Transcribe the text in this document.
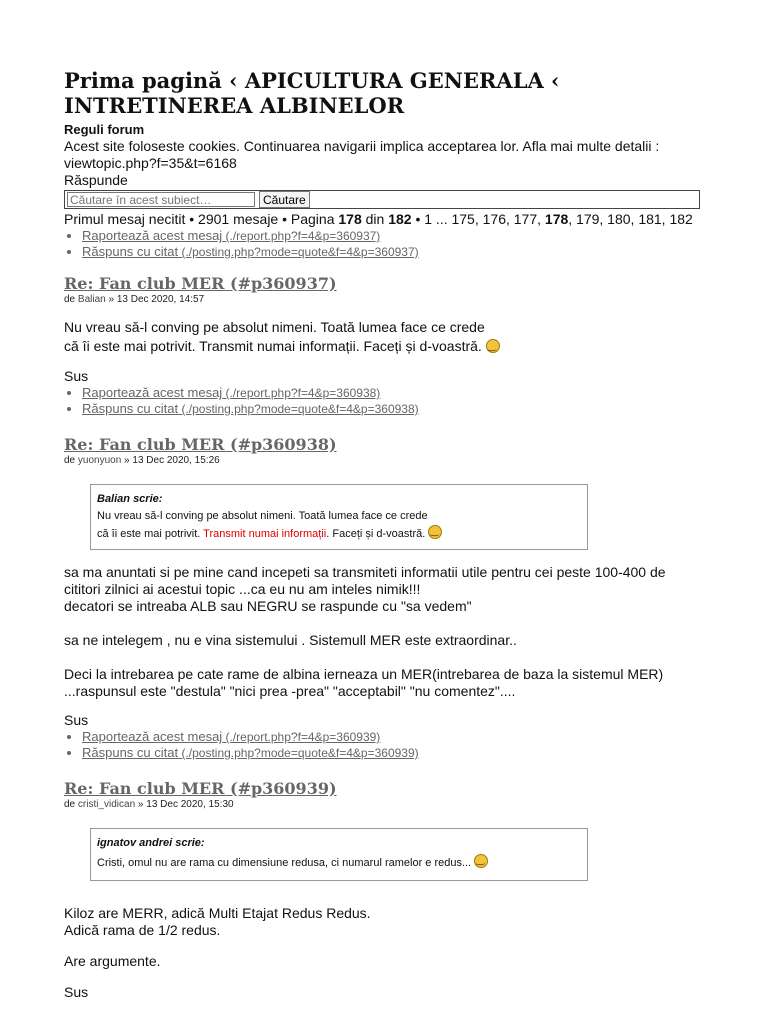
Prima pagină ‹ APICULTURA GENERALA ‹ INTRETINEREA ALBINELOR
Reguli forum
Acest site foloseste cookies. Continuarea navigarii implica acceptarea lor. Afla mai multe detalii :
viewtopic.php?f=35&t=6168
Răspunde
Căutare în acest subiect…
Căutare
Primul mesaj necitit • 2901 mesaje • Pagina 178 din 182 • 1 ... 175, 176, 177, 178, 179, 180, 181, 182
• Raportează acest mesaj (./report.php?f=4&p=360937)
• Răspuns cu citat (./posting.php?mode=quote&f=4&p=360937)
Re: Fan club MER (#p360937)
de Balian » 13 Dec 2020, 14:57

Nu vreau să-l conving pe absolut nimeni. Toată lumea face ce crede

că îi este mai potrivit. Transmit numai informații. Faceți și d-voastră. ‿

Sus
• Raportează acest mesaj (./report.php?f=4&p=360938)
• Răspuns cu citat (./posting.php?mode=quote&f=4&p=360938)
Re: Fan club MER (#p360938)
de yuonyuon » 13 Dec 2020, 15:26
Balian scrie:
Nu vreau să-l conving pe absolut nimeni. Toată lumea face ce crede
că îi este mai potrivit. Transmit numai informații. Faceți și d-voastră. ‿

sa ma anuntati si pe mine cand incepeti sa transmiteti informatii utile pentru cei peste 100-400 de cititori zilnici ai acestui topic ...ca eu nu am inteles nimik!!!

decatori se intreaba ALB sau NEGRU se raspunde cu "sa vedem"

sa ne intelegem , nu e vina sistemului . Sistemull MER este extraordinar..

Deci la intrebarea pe cate rame de albina ierneaza un MER(intrebarea de baza la sistemul MER)

...raspunsul este "destula" "nici prea -prea" "acceptabil" "nu comentez"....

Sus
• Raportează acest mesaj (./report.php?f=4&p=360939)
• Răspuns cu citat (./posting.php?mode=quote&f=4&p=360939)
Re: Fan club MER (#p360939)
de cristi_vidican » 13 Dec 2020, 15:30
ignatov andrei scrie:
Cristi, omul nu are rama cu dimensiune redusa, ci numarul ramelor e redus... ‿

Kiloz are MERR, adică Multi Etajat Redus Redus.

Adică rama de 1/2 redus.

Are argumente.

Sus
